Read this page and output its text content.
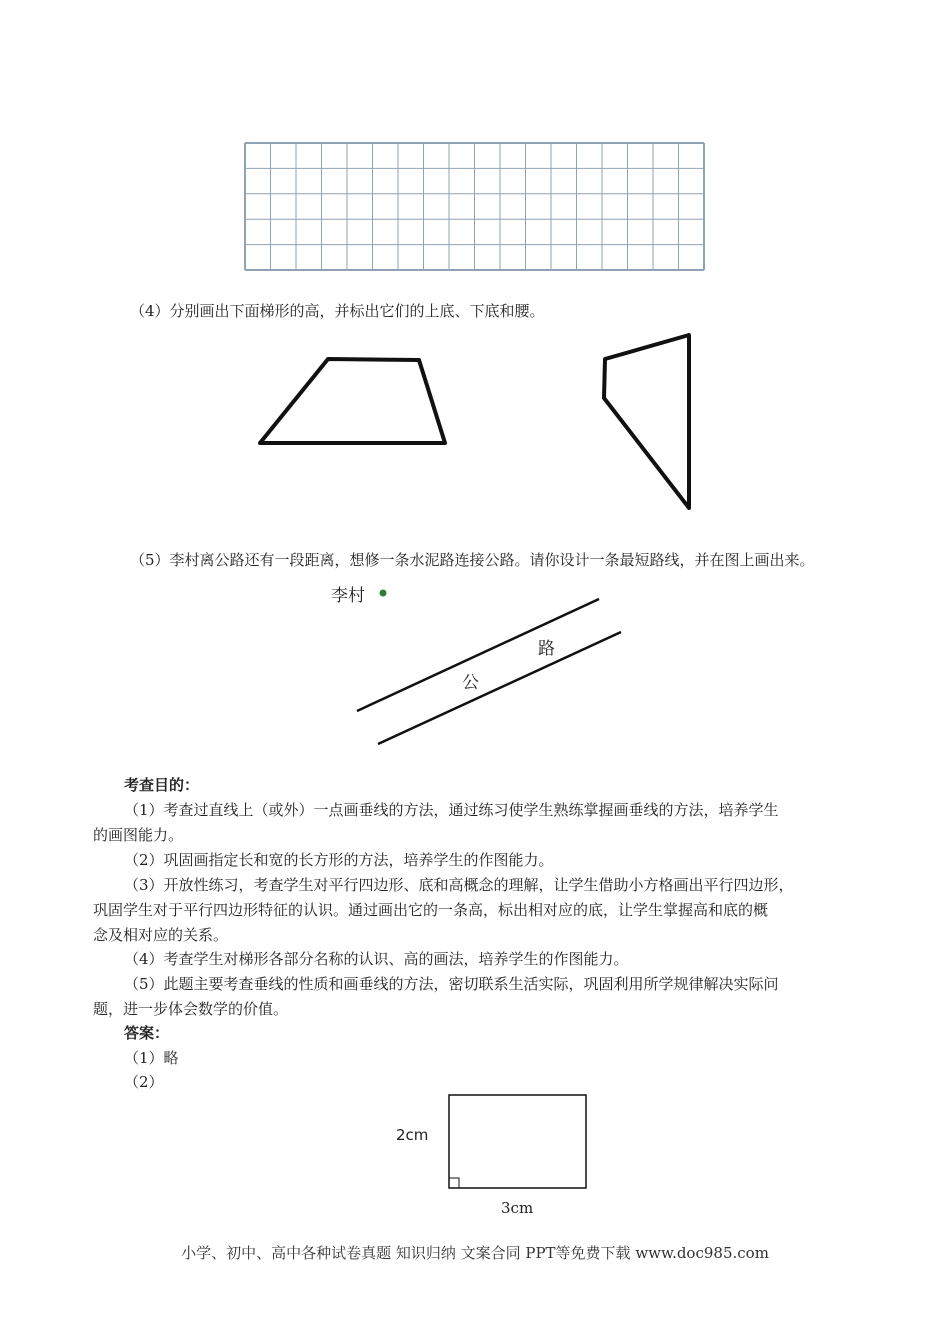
（4）分别画出下面梯形的高，并标出它们的上底、下底和腰。
（5）李村离公路还有一段距离，想修一条水泥路连接公路。请你设计一条最短路线，并在图上画出来。
李村
公
路
考查目的：
（1）考查过直线上（或外）一点画垂线的方法，通过练习使学生熟练掌握画垂线的方法，培养学生
的画图能力。
（2）巩固画指定长和宽的长方形的方法，培养学生的作图能力。
（3）开放性练习，考查学生对平行四边形、底和高概念的理解，让学生借助小方格画出平行四边形，
巩固学生对于平行四边形特征的认识。通过画出它的一条高，标出相对应的底，让学生掌握高和底的概
念及相对应的关系。
（4）考查学生对梯形各部分名称的认识、高的画法，培养学生的作图能力。
（5）此题主要考查垂线的性质和画垂线的方法，密切联系生活实际，巩固利用所学规律解决实际问
题，进一步体会数学的价值。
答案：
（1）略
（2）
2cm
3cm
小学、初中、高中各种试卷真题 知识归纳 文案合同 PPT等免费下载 www.doc985.com
